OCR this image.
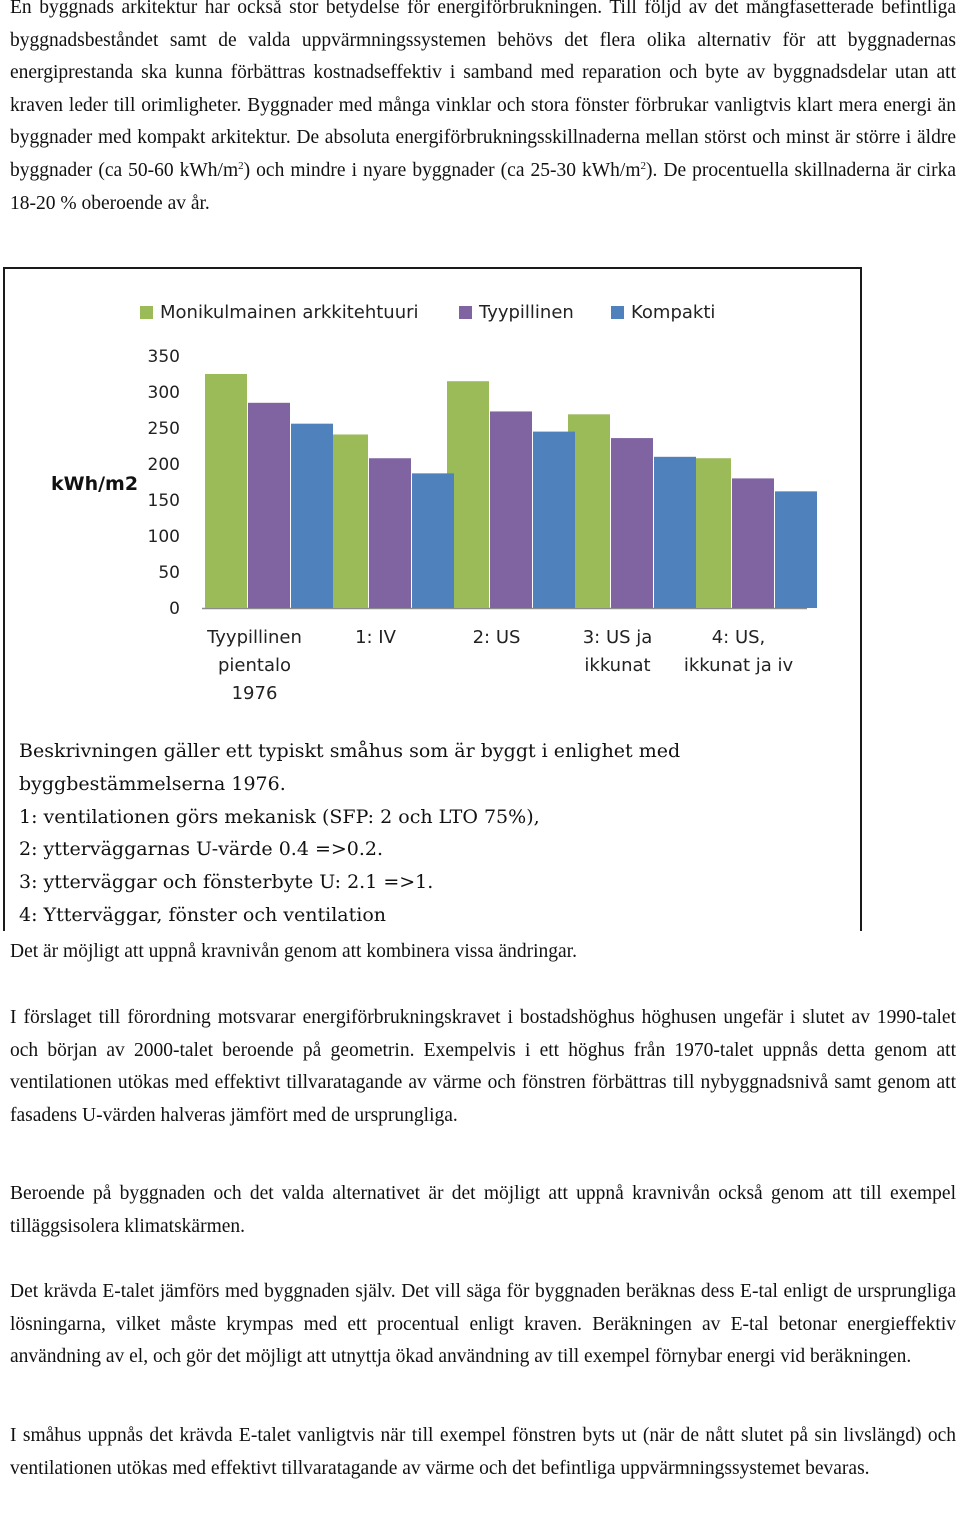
En byggnads arkitektur har också stor betydelse för energiförbrukningen. Till följd av det mångfasetterade befintliga byggnadsbeståndet samt de valda uppvärmningssystemen behövs det flera olika alternativ för att byggnadernas energiprestanda ska kunna förbättras kostnadseffektiv i samband med reparation och byte av byggnadsdelar utan att kraven leder till orimligheter. Byggnader med många vinklar och stora fönster förbrukar vanligtvis klart mera energi än byggnader med kompakt arkitektur. De absoluta energiförbrukningsskillnaderna mellan störst och minst är större i äldre byggnader (ca 50-60 kWh/$m^2$) och mindre i nyare byggnader (ca 25-30 kWh/$m^2$). De procentuella skillnaderna är cirka 18-20 % oberoende av år.

kWh/m2
0
50
100
150
200
250
300
350
Tyypillinen
pientalo
1976
1: IV	2: US	3: US ja
ikkunat
4: US,
ikkunat ja iv
Monikulmainen arkkitehtuuri	Tyypillinen	Kompakti
Beskrivningen gäller ett typiskt småhus som är byggt i enlighet med
byggbestämmelserna 1976.
1: ventilationen görs mekanisk (SFP: 2 och LTO 75%),
2: ytterväggarnas U-värde 0.4 =>0.2.
3: ytterväggar och fönsterbyte U: 2.1 =>1.
4: Ytterväggar, fönster och ventilation

Det är möjligt att uppnå kravnivån genom att kombinera vissa ändringar.

I förslaget till förordning motsvarar energiförbrukningskravet i bostadshöghus höghusen ungefär i slutet av 1990-talet och början av 2000-talet beroende på geometrin. Exempelvis i ett höghus från 1970-talet uppnås detta genom att ventilationen utökas med effektivt tillvaratagande av värme och fönstren förbättras till nybyggnadsnivå samt genom att fasadens U-värden halveras jämfört med de ursprungliga.

Beroende på byggnaden och det valda alternativet är det möjligt att uppnå kravnivån också genom att till exempel tilläggsisolera klimatskärmen.

Det krävda E-talet jämförs med byggnaden själv. Det vill säga för byggnaden beräknas dess E-tal enligt de ursprungliga lösningarna, vilket måste krympas med ett procentual enligt kraven. Beräkningen av E-tal betonar energieffektiv användning av el, och gör det möjligt att utnyttja ökad användning av till exempel förnybar energi vid beräkningen.

I småhus uppnås det krävda E-talet vanligtvis när till exempel fönstren byts ut (när de nått slutet på sin livslängd) och ventilationen utökas med effektivt tillvaratagande av värme och det befintliga uppvärmningssystemet bevaras.
